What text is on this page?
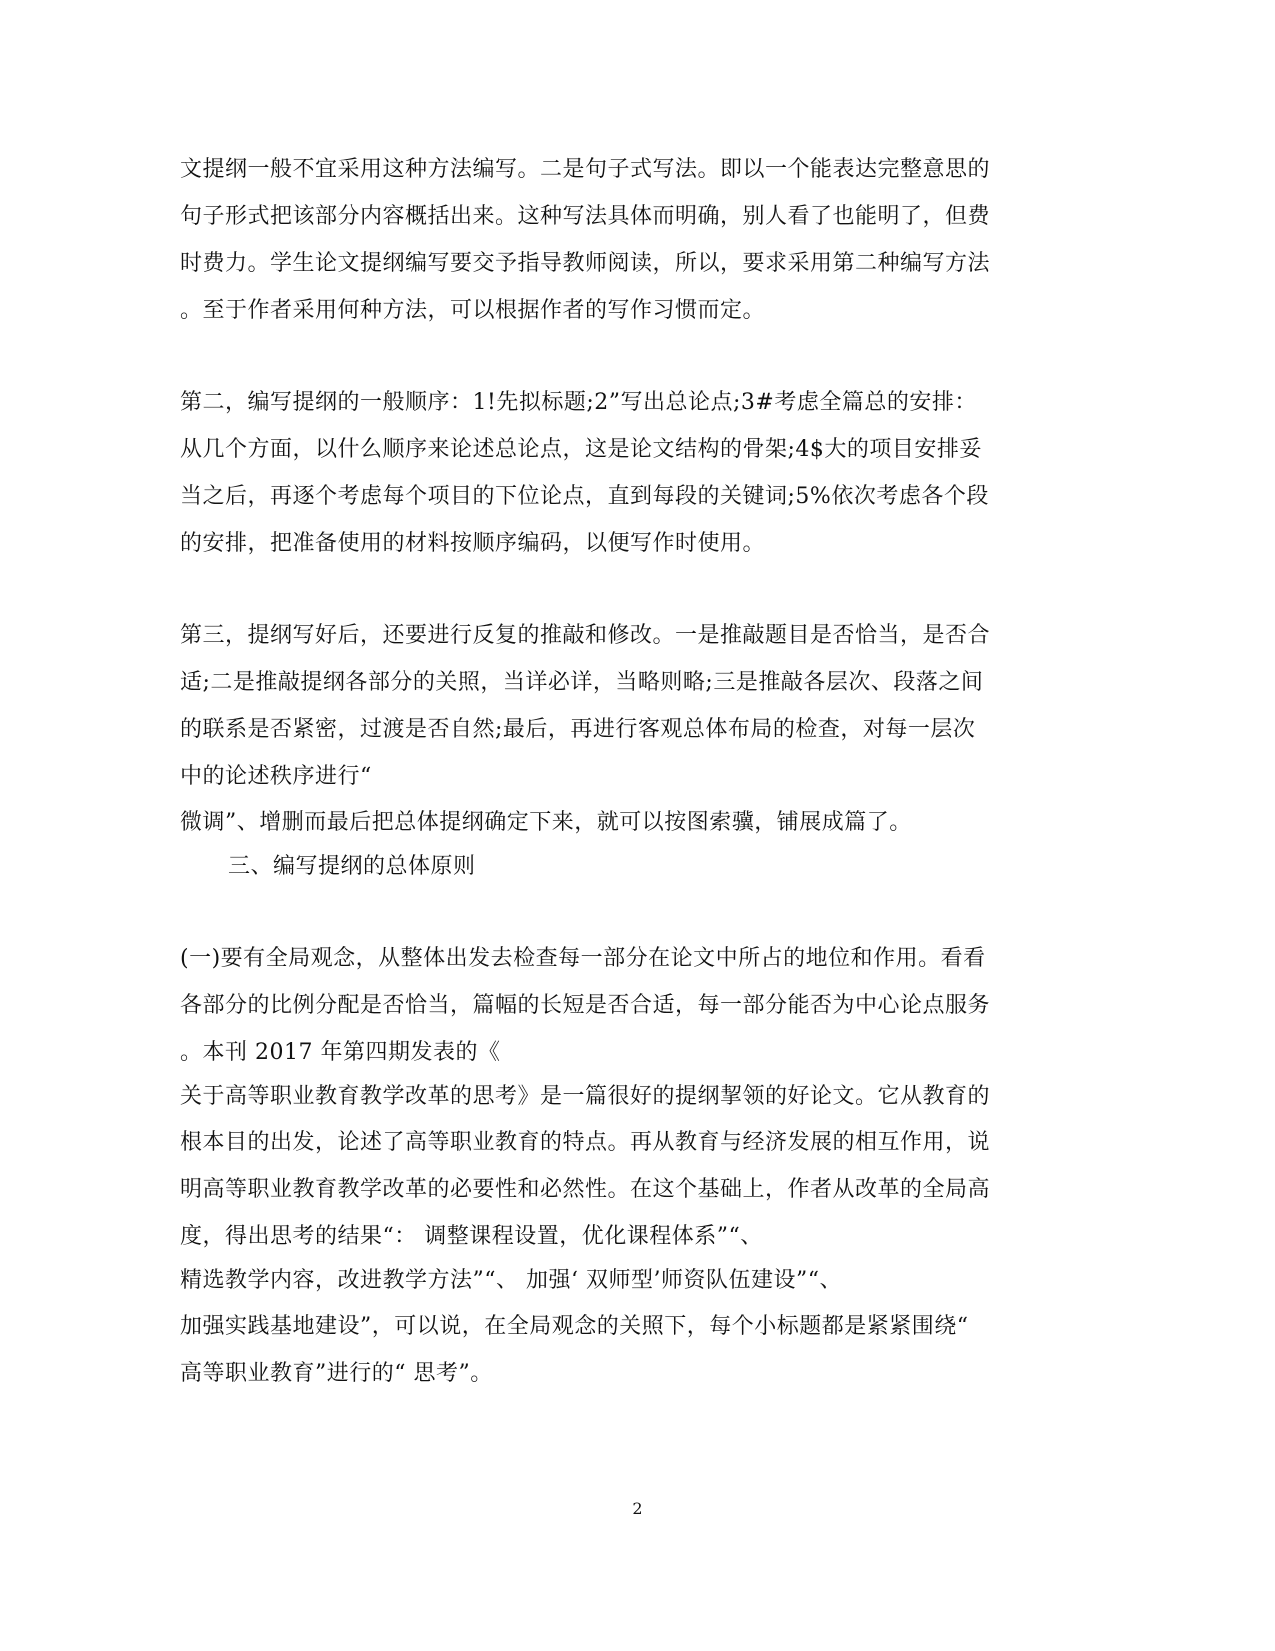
文提纲一般不宜采用这种方法编写。二是句子式写法。即以一个能表达完整意思的
句子形式把该部分内容概括出来。这种写法具体而明确，别人看了也能明了，但费
时费力。学生论文提纲编写要交予指导教师阅读，所以，要求采用第二种编写方法
。至于作者采用何种方法，可以根据作者的写作习惯而定。
第二，编写提纲的一般顺序：1!先拟标题;2”写出总论点;3#考虑全篇总的安排：
从几个方面，以什么顺序来论述总论点，这是论文结构的骨架;4$大的项目安排妥
当之后，再逐个考虑每个项目的下位论点，直到每段的关键词;5%依次考虑各个段
的安排，把准备使用的材料按顺序编码，以便写作时使用。
第三，提纲写好后，还要进行反复的推敲和修改。一是推敲题目是否恰当，是否合
适;二是推敲提纲各部分的关照，当详必详，当略则略;三是推敲各层次、段落之间
的联系是否紧密，过渡是否自然;最后，再进行客观总体布局的检查，对每一层次
中的论述秩序进行“
微调”、增删而最后把总体提纲确定下来，就可以按图索骥，铺展成篇了。
三、编写提纲的总体原则
(一)要有全局观念，从整体出发去检查每一部分在论文中所占的地位和作用。看看
各部分的比例分配是否恰当，篇幅的长短是否合适，每一部分能否为中心论点服务
。本刊 2017 年第四期发表的《
关于高等职业教育教学改革的思考》是一篇很好的提纲挈领的好论文。它从教育的
根本目的出发，论述了高等职业教育的特点。再从教育与经济发展的相互作用，说
明高等职业教育教学改革的必要性和必然性。在这个基础上，作者从改革的全局高
度，得出思考的结果“： 调整课程设置，优化课程体系”“、
精选教学内容，改进教学方法”“、 加强‘ 双师型’师资队伍建设”“、
加强实践基地建设”，可以说，在全局观念的关照下，每个小标题都是紧紧围绕“
高等职业教育”进行的“ 思考”。
2
